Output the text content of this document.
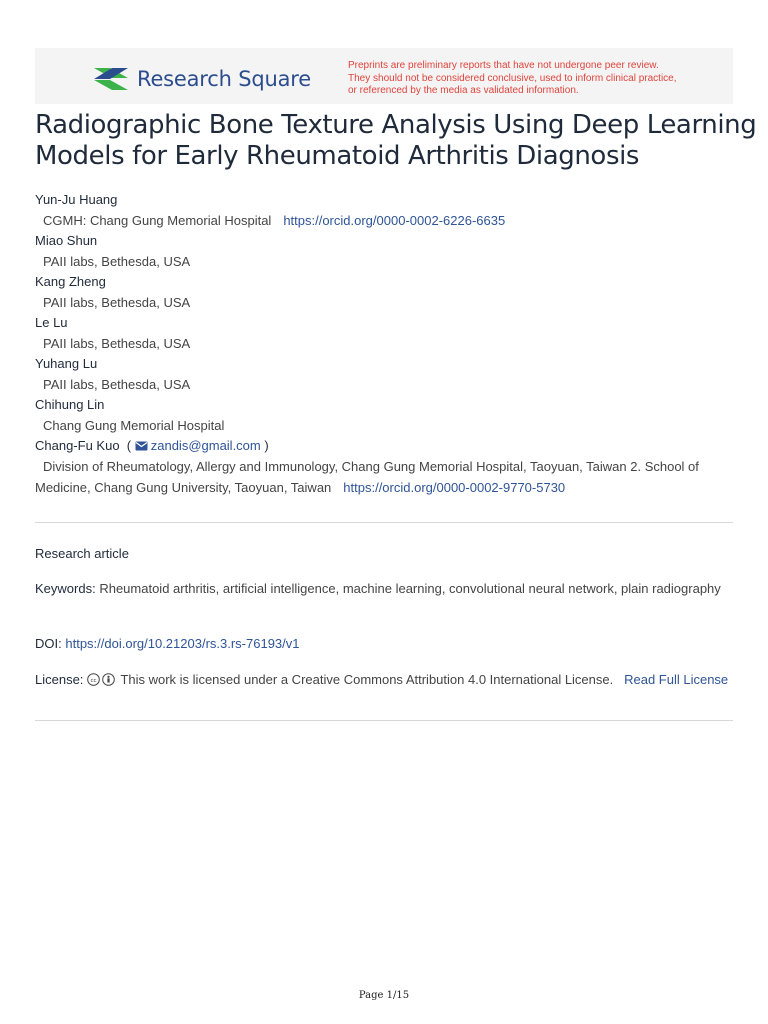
Research Square
Preprints are preliminary reports that have not undergone peer review.
They should not be considered conclusive, used to inform clinical practice,
or referenced by the media as validated information.
Radiographic Bone Texture Analysis Using Deep Learning
Models for Early Rheumatoid Arthritis Diagnosis
Yun-Ju Huang
CGMH: Chang Gung Memorial Hospital https://orcid.org/0000-0002-6226-6635
Miao Shun
PAII labs, Bethesda, USA
Kang Zheng
PAII labs, Bethesda, USA
Le Lu
PAII labs, Bethesda, USA
Yuhang Lu
PAII labs, Bethesda, USA
Chihung Lin
Chang Gung Memorial Hospital
Chang-Fu Kuo  ( zandis@gmail.com )
Division of Rheumatology, Allergy and Immunology, Chang Gung Memorial Hospital, Taoyuan, Taiwan 2. School of Medicine, Chang Gung University, Taoyuan, Taiwan https://orcid.org/0000-0002-9770-5730
Research article
Keywords: Rheumatoid arthritis, artificial intelligence, machine learning, convolutional neural network, plain radiography
DOI: https://doi.org/10.21203/rs.3.rs-76193/v1
License: cc This work is licensed under a Creative Commons Attribution 4.0 International License. Read Full License
Page 1/15
